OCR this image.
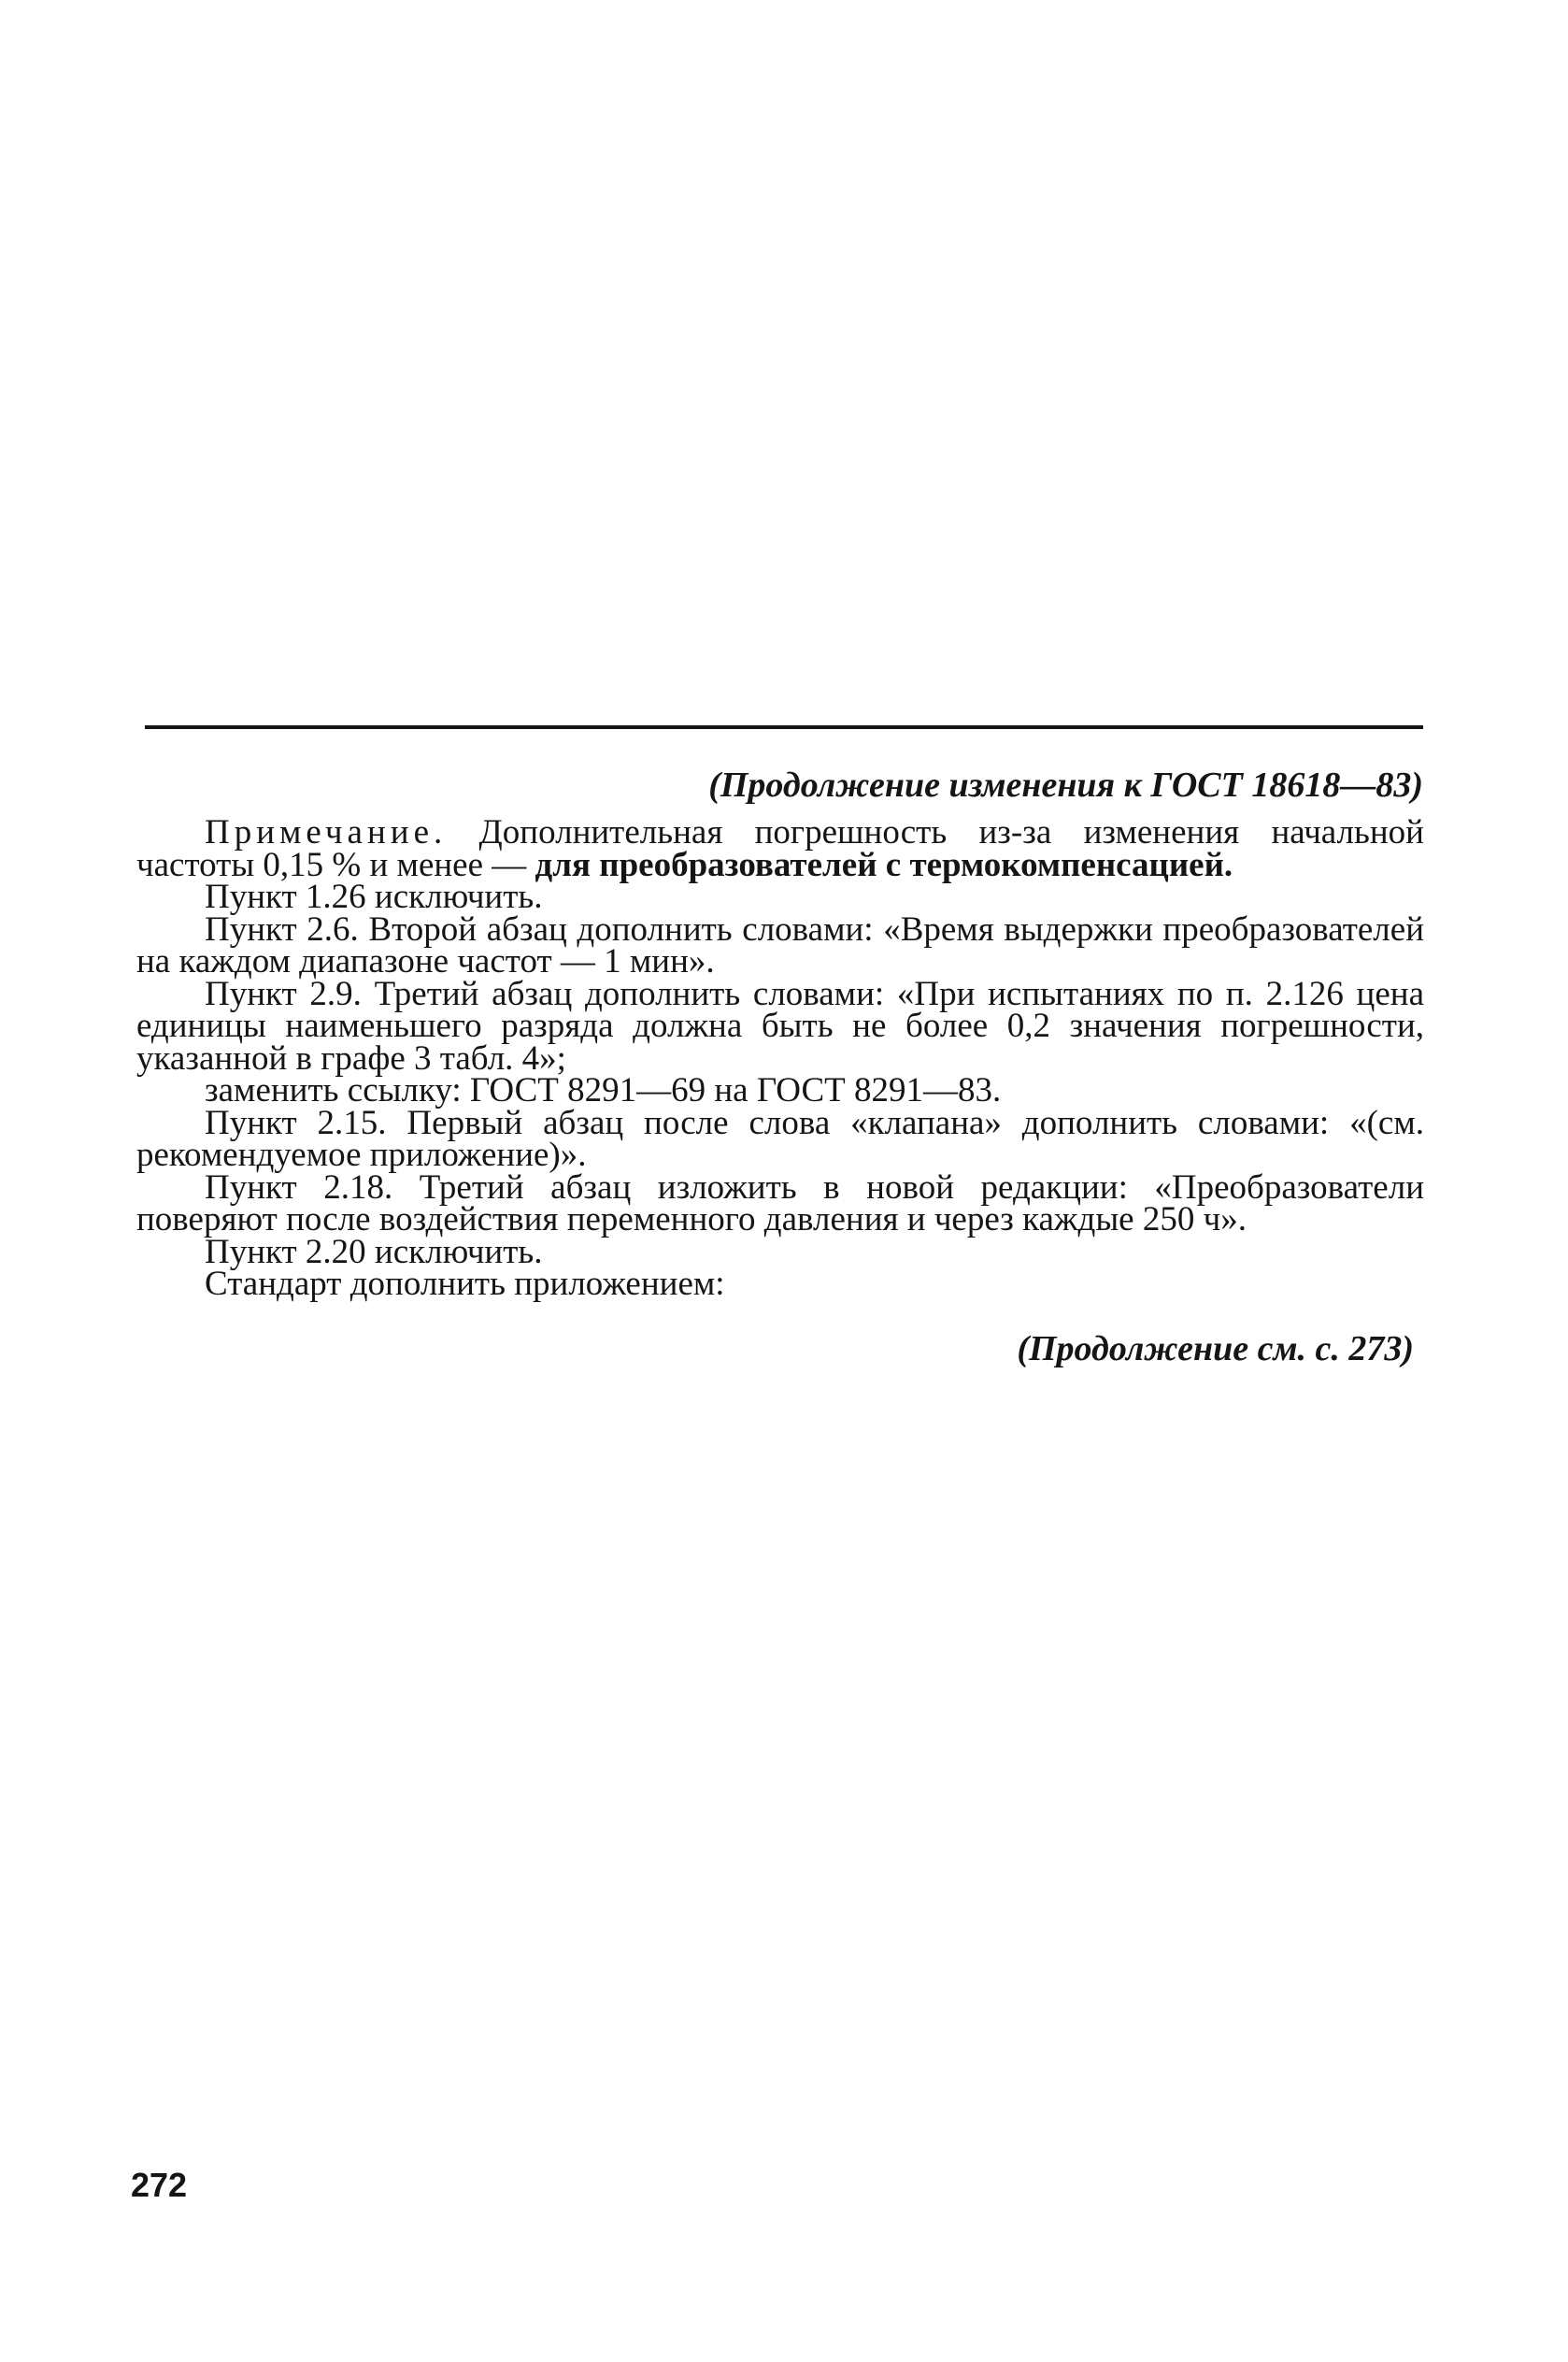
(Продолжение изменения к ГОСТ 18618—83)

Примечание. Дополнительная погрешность из-за изменения начальной частоты 0,15 % и менее — для преобразователей с термокомпенсацией.

Пункт 1.26 исключить.

Пункт 2.6. Второй абзац дополнить словами: «Время выдержки преобразователей на каждом диапазоне частот — 1 мин».

Пункт 2.9. Третий абзац дополнить словами: «При испытаниях по п. 2.126 цена единицы наименьшего разряда должна быть не более 0,2 значения погрешности, указанной в графе 3 табл. 4»;

заменить ссылку: ГОСТ 8291—69 на ГОСТ 8291—83.

Пункт 2.15. Первый абзац после слова «клапана» дополнить словами: «(см. рекомендуемое приложение)».

Пункт 2.18. Третий абзац изложить в новой редакции: «Преобразователи поверяют после воздействия переменного давления и через каждые 250 ч».

Пункт 2.20 исключить.

Стандарт дополнить приложением:

(Продолжение см. с. 273)
272
